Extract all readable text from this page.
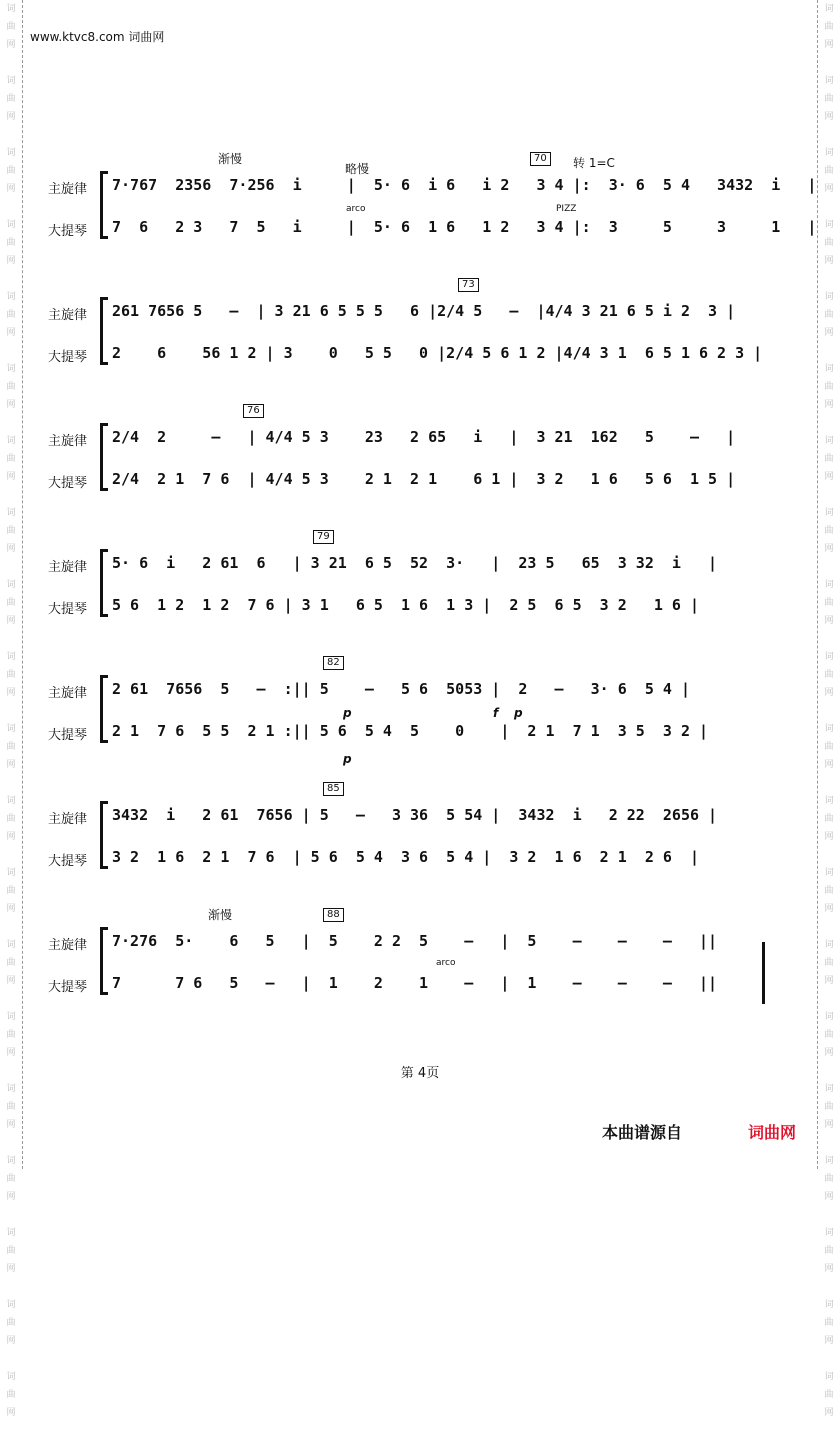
词
曲
网

词
曲
网

词
曲
网

词
曲
网

词
曲
网

词
曲
网

词
曲
网

词
曲
网

词
曲
网

词
曲
网

词
曲
网

词
曲
网

词
曲
网

词
曲
网

词
曲
网

词
曲
网

词
曲
网

词
曲
网

词
曲
网

词
曲
网

词
曲
网

词
曲
网

词
曲
网

词
曲
网

词
曲
网

词
曲
网

词
曲
网

词
曲
网

词
曲
网

词
曲
网

词
曲
网

词
曲
网

词
曲
网

词
曲
网

词
曲
网

词
曲
网

词
曲
网

词
曲
网

词
曲
网

词
曲
网

www.ktvc8.com 词曲网
主旋律
大提琴
7·767  2356  7·256  i     |  5· 6  i 6   i 2   3 4 |:  3· 6  5 4   3432  i   |
7  6   2 3   7  5   i     |  5· 6  1 6   1 2   3 4 |:  3     5     3     1   |
70
渐慢
略慢	转 1=C
arco	PIZZ
主旋律
大提琴
261 7656 5   —  | 3 21 6 5 5 5   6 |2/4 5   —  |4/4 3 21 6 5 i 2  3 |
2    6    56 1 2 | 3    0   5 5   0 |2/4 5 6 1 2 |4/4 3 1  6 5 1 6 2 3 |
73
主旋律
大提琴
2/4  2     —   | 4/4 5 3    23   2 65   i   |  3 21  162   5    —   |
2/4  2 1  7 6  | 4/4 5 3    2 1  2 1    6 1 |  3 2   1 6   5 6  1 5 |
76
主旋律
大提琴
5· 6  i   2 61  6   | 3 21  6 5  52  3·   |  23 5   65  3 32  i   |
5 6  1 2  1 2  7 6 | 3 1   6 5  1 6  1 3 |  2 5  6 5  3 2   1 6 |
79
主旋律
大提琴
2 61  7656  5   —  :|| 5    —   5 6  5053 |  2   —   3· 6  5 4 |
2 1  7 6  5 5  2 1 :|| 5 6  5 4  5    0    |  2 1  7 1  3 5  3 2 |
82
p	f p
p
主旋律
大提琴
3432  i   2 61  7656 | 5   —   3 36  5 54 |  3432  i   2 22  2656 |
3 2  1 6  2 1  7 6  | 5 6  5 4  3 6  5 4 |  3 2  1 6  2 1  2 6  |
85
主旋律
大提琴
7·276  5·    6   5   |  5    2 2  5    —   |  5    —    —    —   ||
7      7 6   5   —   |  1    2    1    —   |  1    —    —    —   ||
88
渐慢
arco
第 4页
本曲谱源自	词曲网
